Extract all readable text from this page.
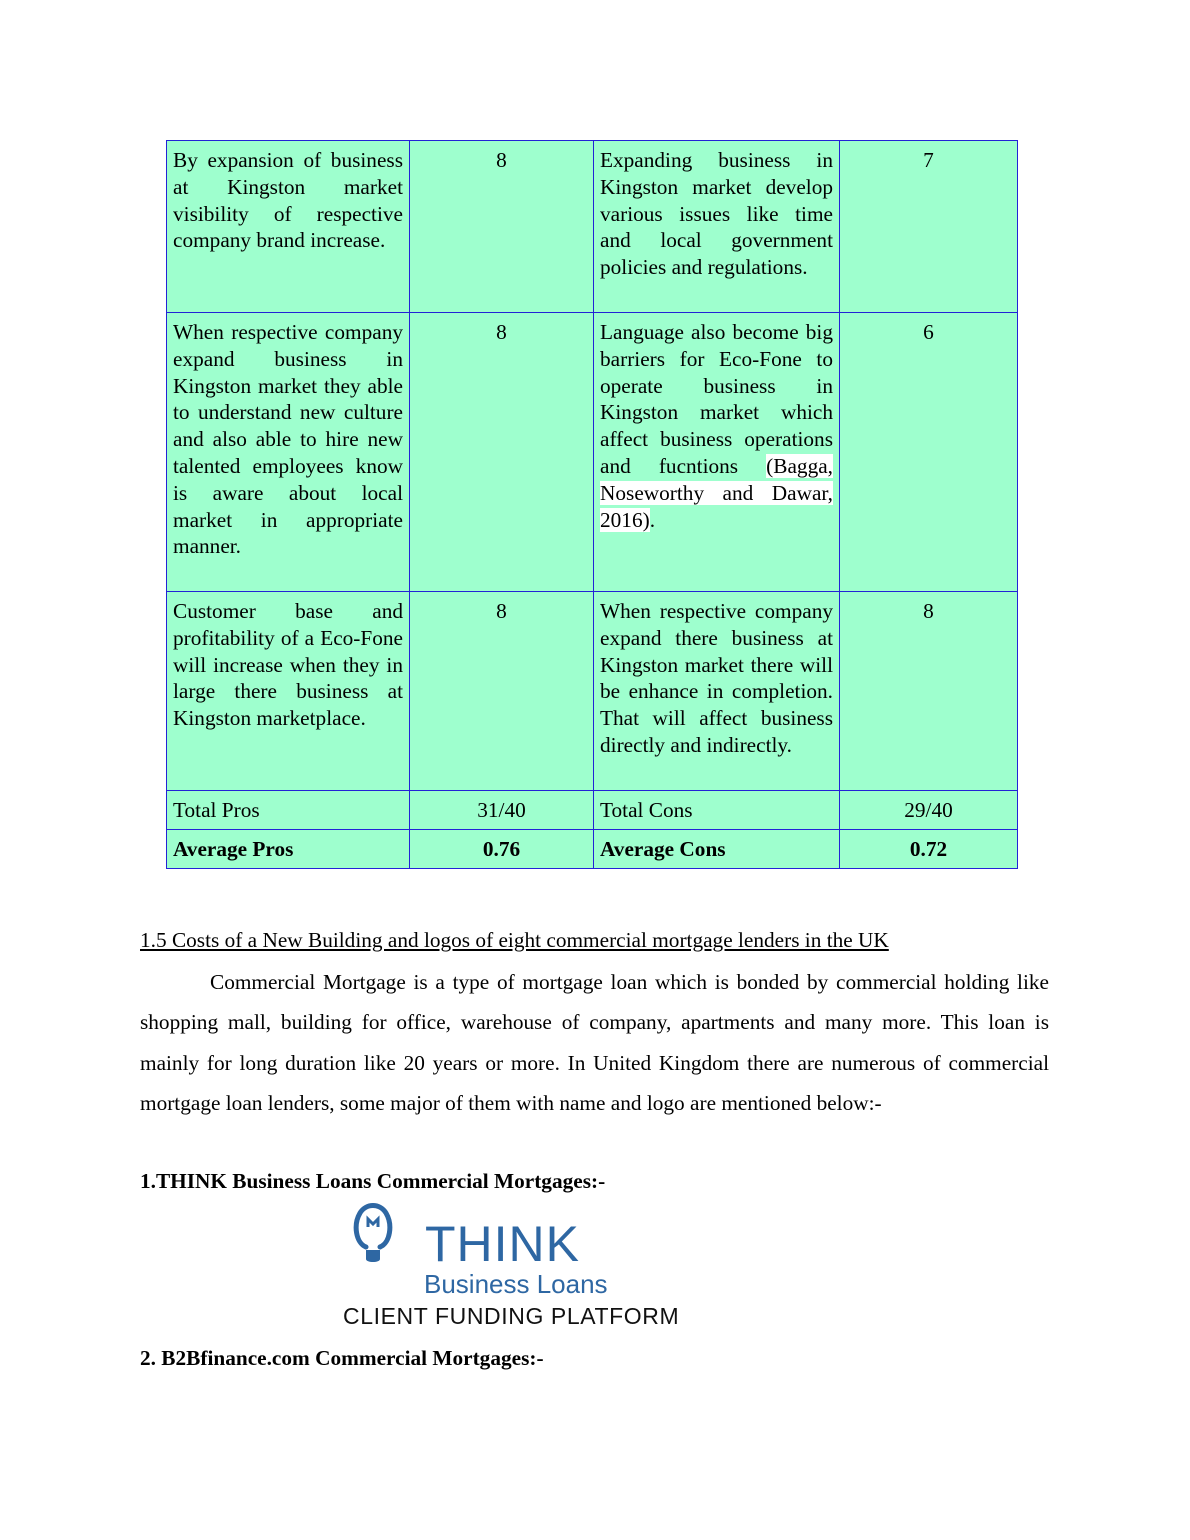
By expansion of business at Kingston market visibility of respective company brand increase.	8	Expanding business in Kingston market develop various issues like time and local government policies and regulations.	7
When respective company expand business in Kingston market they able to understand new culture and also able to hire new talented employees know is aware about local market in appropriate manner.	8	Language also become big barriers for Eco-Fone to operate business in Kingston market which affect business operations and fucntions (Bagga, Noseworthy and Dawar, 2016).	6
Customer base and profitability of a Eco-Fone will increase when they in large there business at Kingston marketplace.	8	When respective company expand there business at Kingston market there will be enhance in completion. That will affect business directly and indirectly.	8
Total Pros	31/40	Total Cons	29/40
Average Pros	0.76	Average Cons	0.72
1.5 Costs of a New Building and logos of eight commercial mortgage lenders in the UK
Commercial Mortgage is a type of mortgage loan which is bonded by commercial holding like shopping mall, building for office, warehouse of company, apartments and many more. This loan is mainly for long duration like 20 years or more. In United Kingdom there are numerous of commercial mortgage loan lenders, some major of them with name and logo are mentioned below:-
1.THINK Business Loans Commercial Mortgages:-
THINK
Business Loans
CLIENT FUNDING PLATFORM
2. B2Bfinance.com Commercial Mortgages:-
